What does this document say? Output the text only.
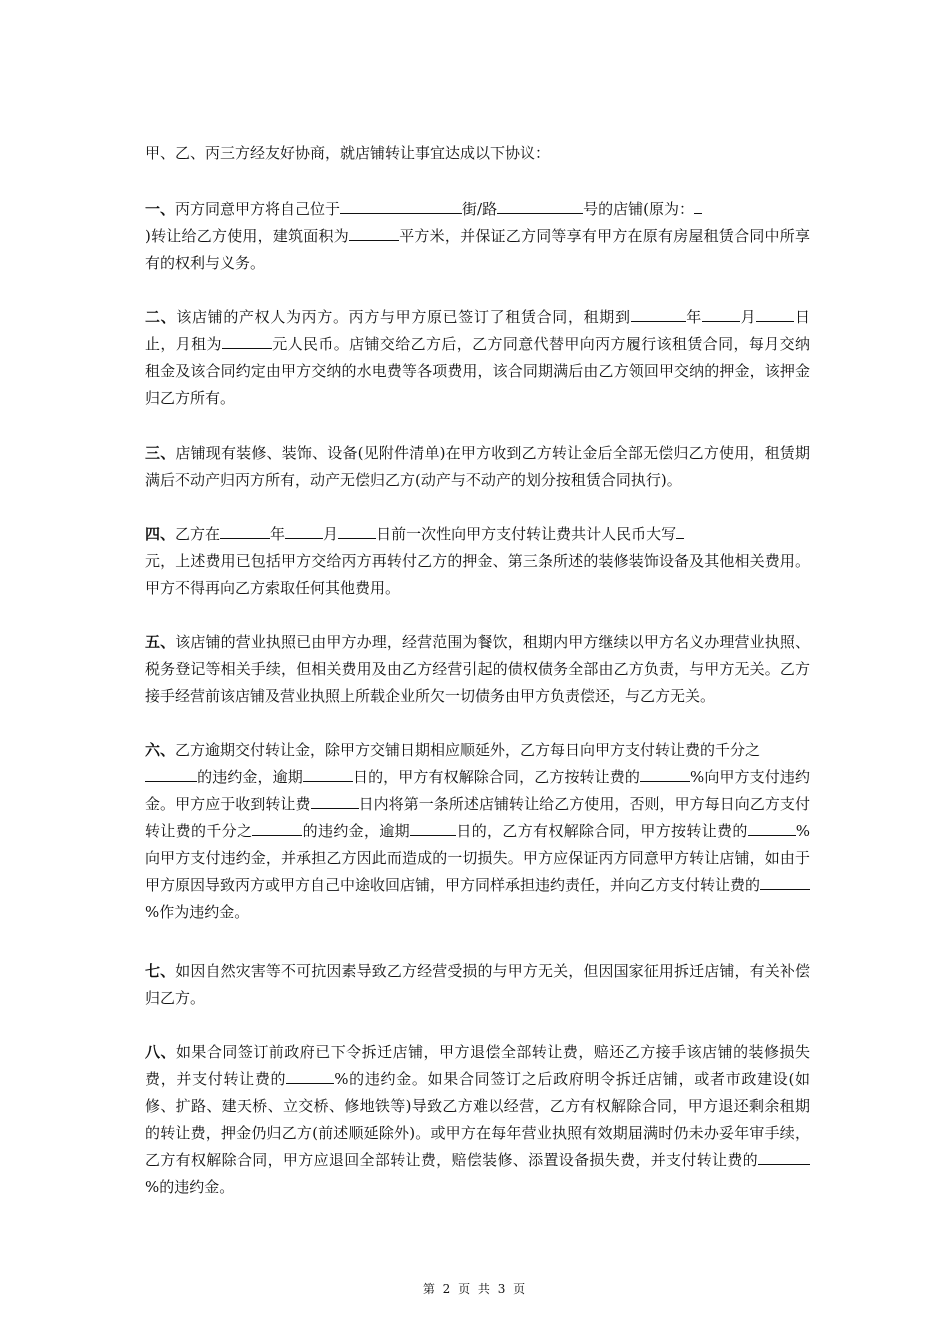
甲、乙、丙三方经友好协商，就店铺转让事宜达成以下协议：
一、丙方同意甲方将自己位于	街/路	号的店铺(原为：
)转让给乙方使用，建筑面积为	平方米，并保证乙方同等享有甲方在原有房屋租赁合同中所享有的权利与义务。
二、该店铺的产权人为丙方。丙方与甲方原已签订了租赁合同，租期到	年	月	日止，月租为	元人民币。店铺交给乙方后，乙方同意代替甲向丙方履行该租赁合同，每月交纳租金及该合同约定由甲方交纳的水电费等各项费用，该合同期满后由乙方领回甲交纳的押金，该押金归乙方所有。
三、店铺现有装修、装饰、设备(见附件清单)在甲方收到乙方转让金后全部无偿归乙方使用，租赁期满后不动产归丙方所有，动产无偿归乙方(动产与不动产的划分按租赁合同执行)。
四、乙方在	年	月	日前一次性向甲方支付转让费共计人民币大写
元，上述费用已包括甲方交给丙方再转付乙方的押金、第三条所述的装修装饰设备及其他相关费用。甲方不得再向乙方索取任何其他费用。
五、该店铺的营业执照已由甲方办理，经营范围为餐饮，租期内甲方继续以甲方名义办理营业执照、税务登记等相关手续，但相关费用及由乙方经营引起的债权债务全部由乙方负责，与甲方无关。乙方接手经营前该店铺及营业执照上所载企业所欠一切债务由甲方负责偿还，与乙方无关。
六、乙方逾期交付转让金，除甲方交铺日期相应顺延外，乙方每日向甲方支付转让费的千分之
的违约金，逾期	日的，甲方有权解除合同，乙方按转让费的	%向甲方支付违约金。甲方应于收到转让费	日内将第一条所述店铺转让给乙方使用，否则，甲方每日向乙方支付转让费的千分之	的违约金，逾期	日的，乙方有权解除合同，甲方按转让费的	%向甲方支付违约金，并承担乙方因此而造成的一切损失。甲方应保证丙方同意甲方转让店铺，如由于甲方原因导致丙方或甲方自己中途收回店铺，甲方同样承担违约责任，并向乙方支付转让费的%作为违约金。
七、如因自然灾害等不可抗因素导致乙方经营受损的与甲方无关，但因国家征用拆迁店铺，有关补偿归乙方。
八、如果合同签订前政府已下令拆迁店铺，甲方退偿全部转让费，赔还乙方接手该店铺的装修损失费，并支付转让费的	%的违约金。如果合同签订之后政府明令拆迁店铺，或者市政建设(如修、扩路、建天桥、立交桥、修地铁等)导致乙方难以经营，乙方有权解除合同，甲方退还剩余租期的转让费，押金仍归乙方(前述顺延除外)。或甲方在每年营业执照有效期届满时仍未办妥年审手续，乙方有权解除合同，甲方应退回全部转让费，赔偿装修、添置设备损失费，并支付转让费的%的违约金。
第 2 页 共 3 页
